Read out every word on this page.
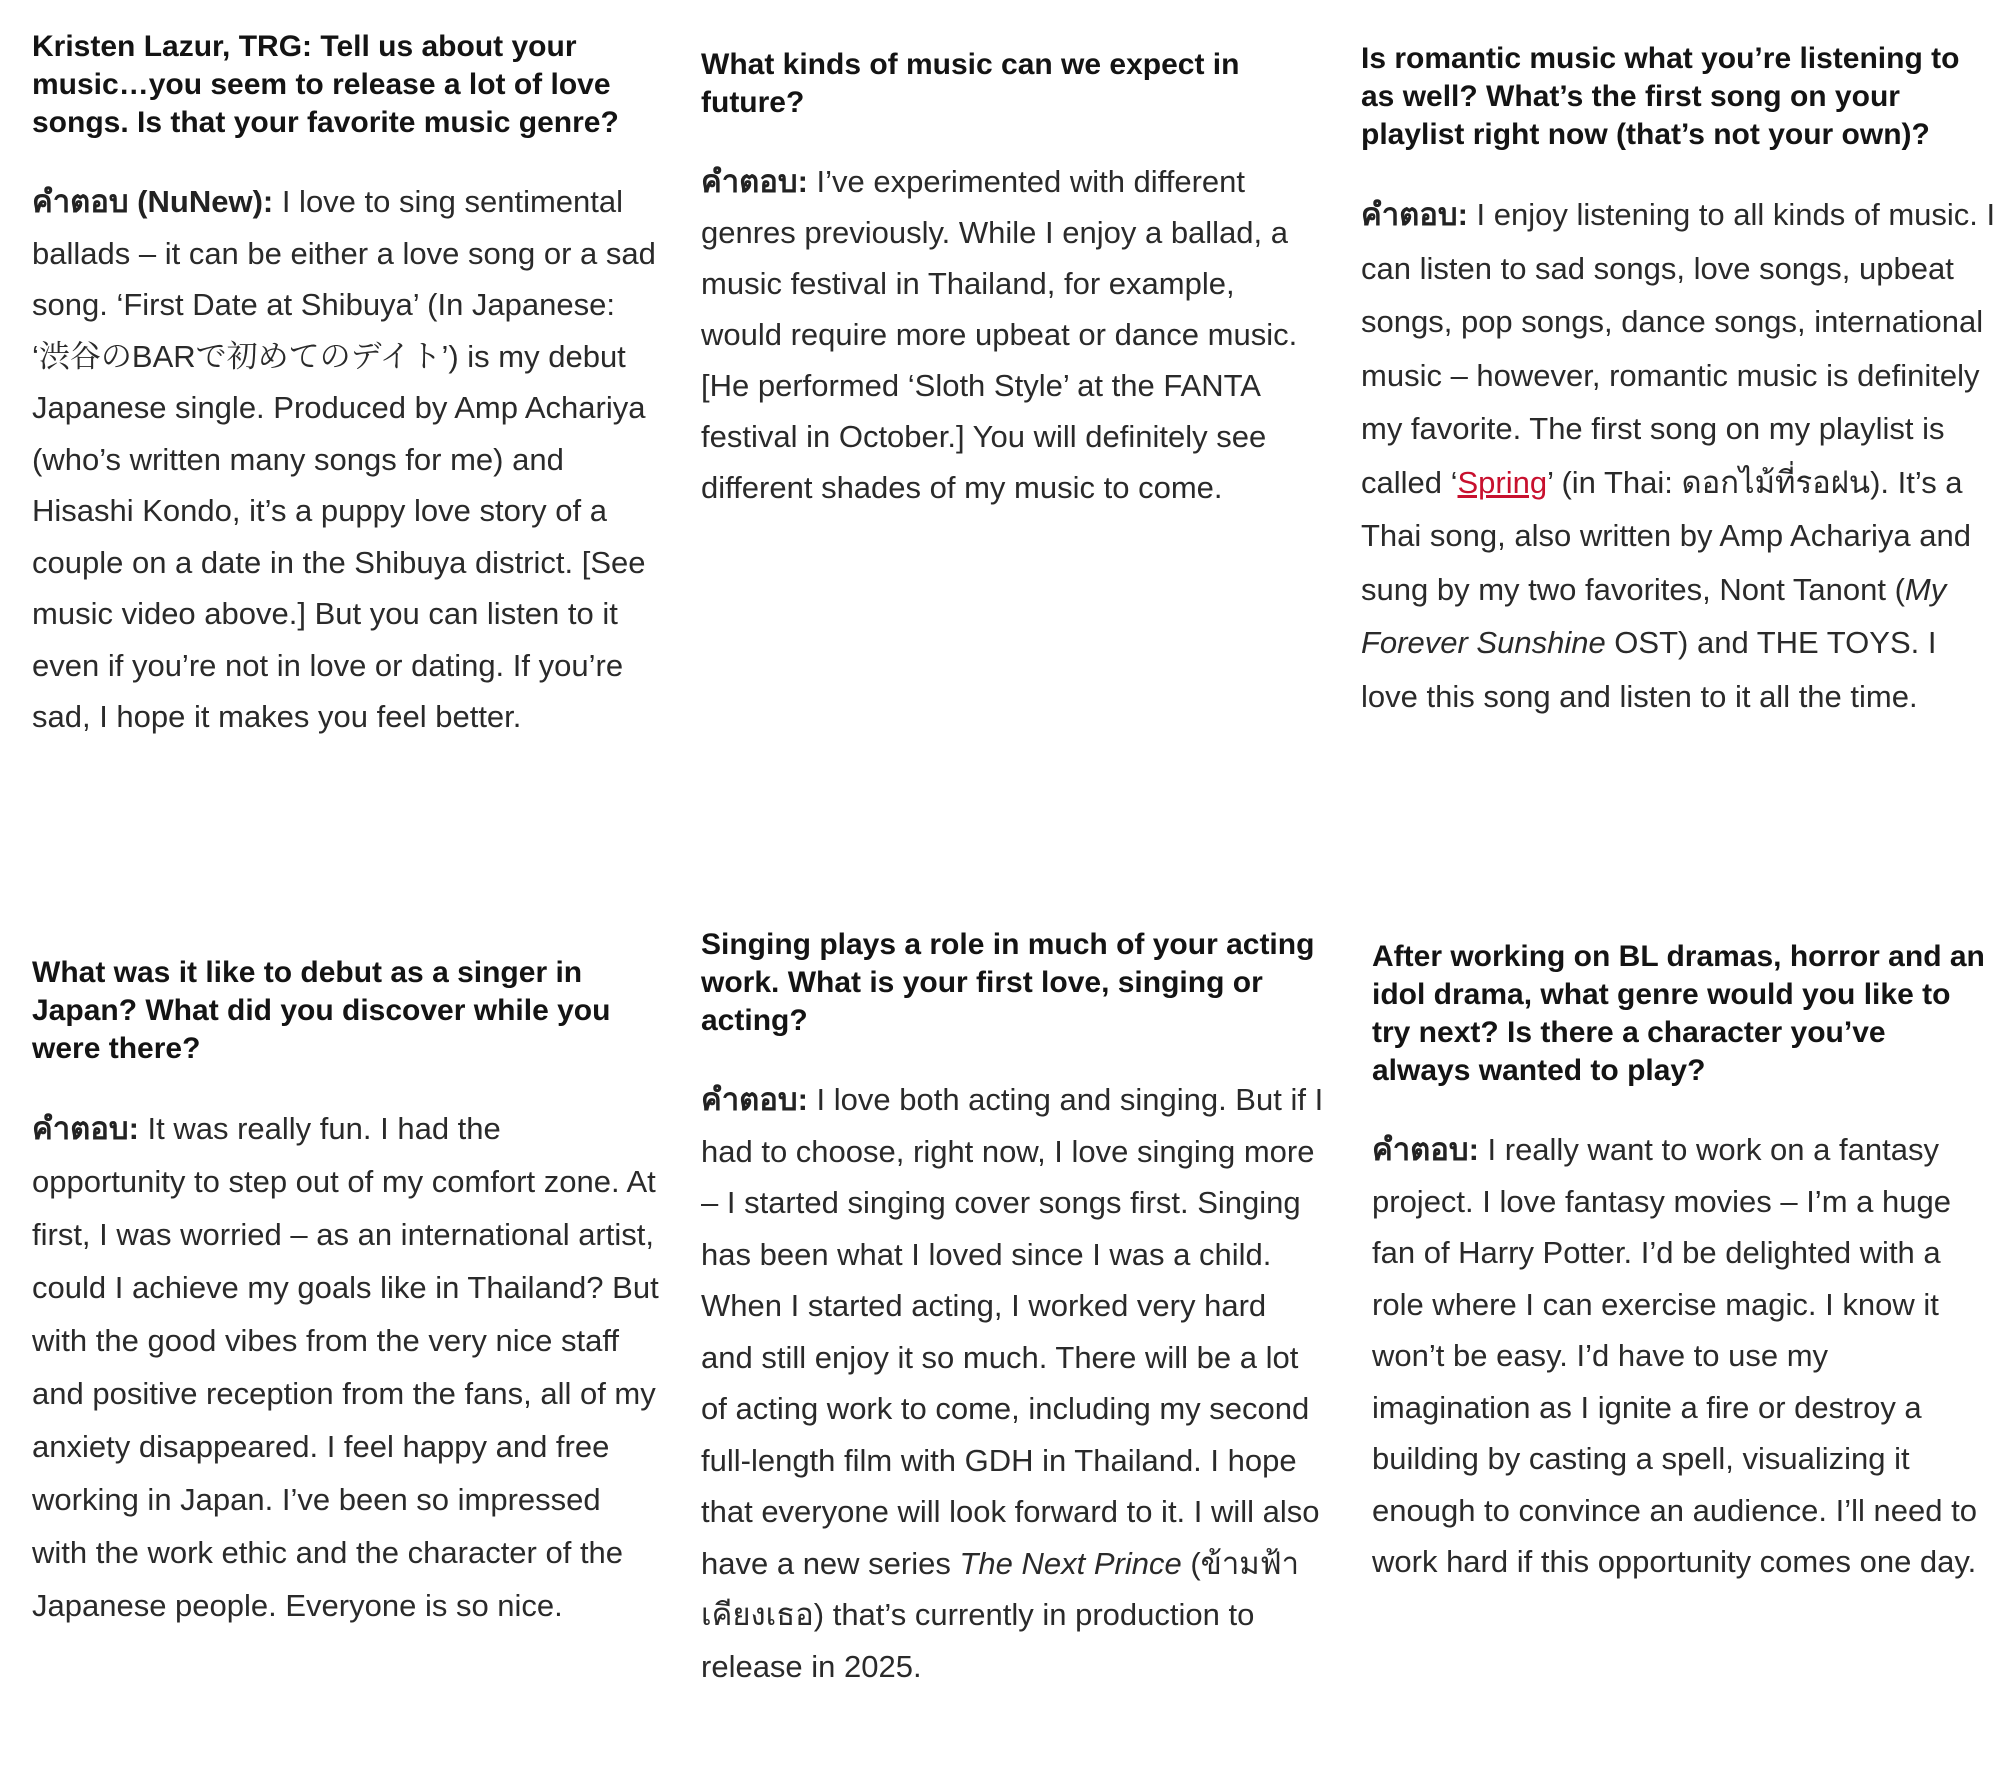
Kristen Lazur, TRG: Tell us about your music…you seem to release a lot of love songs. Is that your favorite music genre?

คำตอบ (NuNew): I love to sing sentimental ballads – it can be either a love song or a sad song. ‘First Date at Shibuya’ (In Japanese: ‘渋谷のBARで初めてのデイト’) is my debut Japanese single. Produced by Amp Achariya (who’s written many songs for me) and Hisashi Kondo, it’s a puppy love story of a couple on a date in the Shibuya district. [See music video above.] But you can listen to it even if you’re not in love or dating. If you’re sad, I hope it makes you feel better.

What kinds of music can we expect in future?

คำตอบ: I’ve experimented with different genres previously. While I enjoy a ballad, a music festival in Thailand, for example, would require more upbeat or dance music. [He performed ‘Sloth Style’ at the FANTA festival in October.] You will definitely see different shades of my music to come.

Is romantic music what you’re listening to as well? What’s the first song on your playlist right now (that’s not your own)?

คำตอบ: I enjoy listening to all kinds of music. I can listen to sad songs, love songs, upbeat songs, pop songs, dance songs, international music – however, romantic music is definitely my favorite. The first song on my playlist is called ‘Spring’ (in Thai: ดอกไม้ที่รอฝน). It’s a Thai song, also written by Amp Achariya and sung by my two favorites, Nont Tanont (My Forever Sunshine OST) and THE TOYS. I love this song and listen to it all the time.

What was it like to debut as a singer in Japan? What did you discover while you were there?

คำตอบ: It was really fun. I had the opportunity to step out of my comfort zone. At first, I was worried – as an international artist, could I achieve my goals like in Thailand? But with the good vibes from the very nice staff and positive reception from the fans, all of my anxiety disappeared. I feel happy and free working in Japan. I’ve been so impressed with the work ethic and the character of the Japanese people. Everyone is so nice.

Singing plays a role in much of your acting work. What is your first love, singing or acting?

คำตอบ: I love both acting and singing. But if I had to choose, right now, I love singing more – I started singing cover songs first. Singing has been what I loved since I was a child. When I started acting, I worked very hard and still enjoy it so much. There will be a lot of acting work to come, including my second full-length film with GDH in Thailand. I hope that everyone will look forward to it. I will also have a new series The Next Prince (ข้ามฟ้าเคียงเธอ) that’s currently in production to release in 2025.

After working on BL dramas, horror and an idol drama, what genre would you like to try next? Is there a character you’ve always wanted to play?

คำตอบ: I really want to work on a fantasy project. I love fantasy movies – I’m a huge fan of Harry Potter. I’d be delighted with a role where I can exercise magic. I know it won’t be easy. I’d have to use my imagination as I ignite a fire or destroy a building by casting a spell, visualizing it enough to convince an audience. I’ll need to work hard if this opportunity comes one day.
